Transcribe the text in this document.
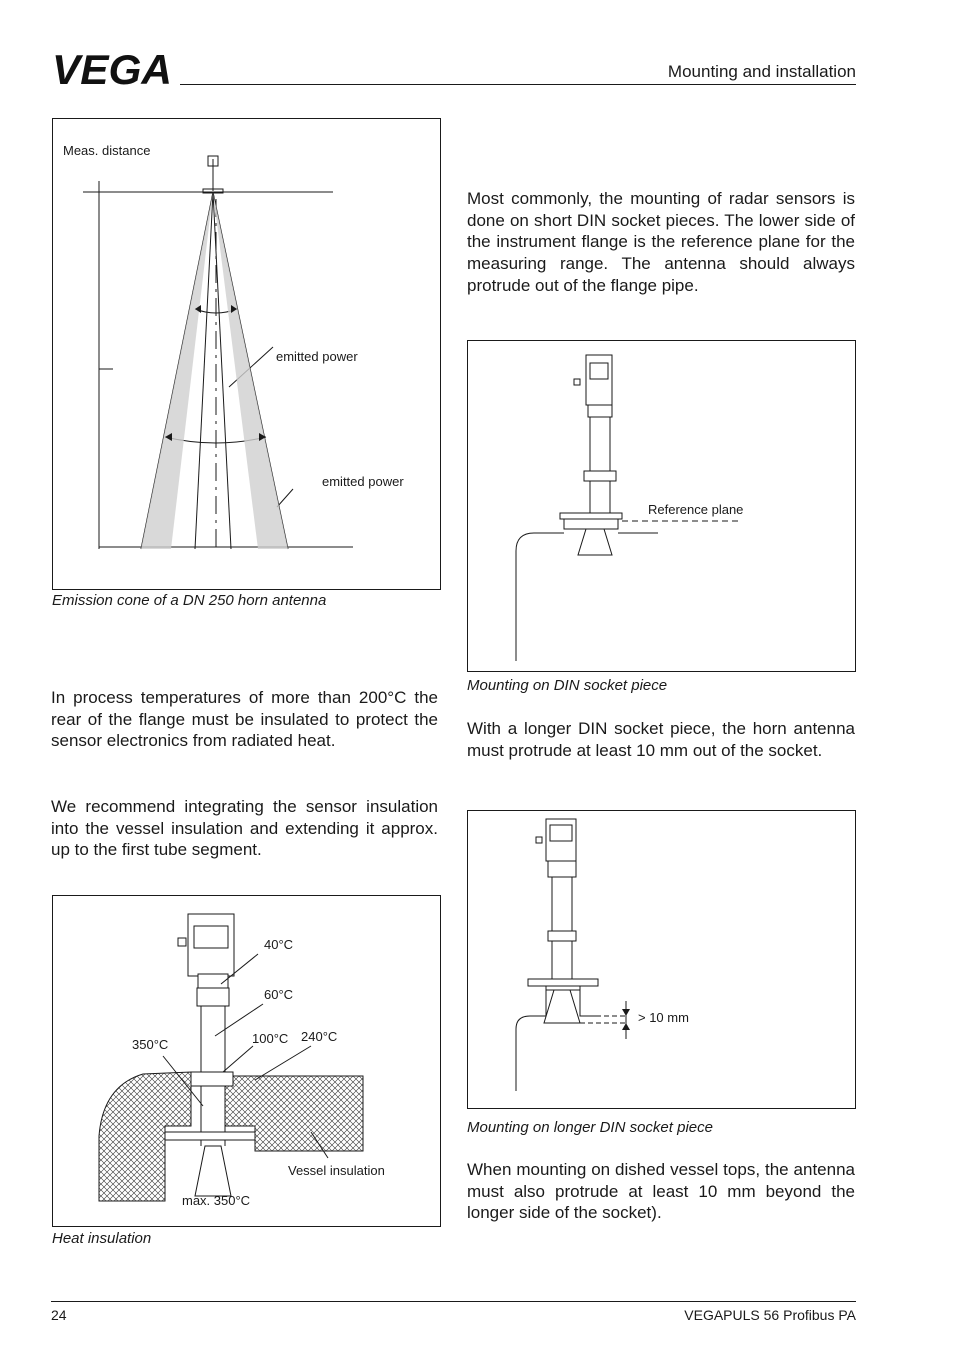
VEGA	Mounting and installation
Meas. distance
emitted power
emitted power
Emission cone of a DN 250 horn antenna
In process temperatures of more than 200°C the rear of the flange must be insulated to protect the sensor electronics from radiated heat.
We recommend integrating the sensor insulation into the vessel insulation and extending it approx. up to the first tube segment.
40°C
60°C
100°C 240°C
350°C
Vessel insulation
max. 350°C
Heat insulation
Most commonly, the mounting of radar sensors is done on short DIN socket pieces. The lower side of the instrument flange is the reference plane for the measuring range. The antenna should always protrude out of the flange pipe.
Reference plane
Mounting on DIN socket piece
With a longer DIN socket piece, the horn antenna must protrude at least 10 mm out of the socket.
> 10 mm
Mounting on longer DIN socket piece
When mounting on dished vessel tops, the antenna must also protrude at least 10 mm beyond the longer side of the socket).
24	VEGAPULS 56 Profibus PA
